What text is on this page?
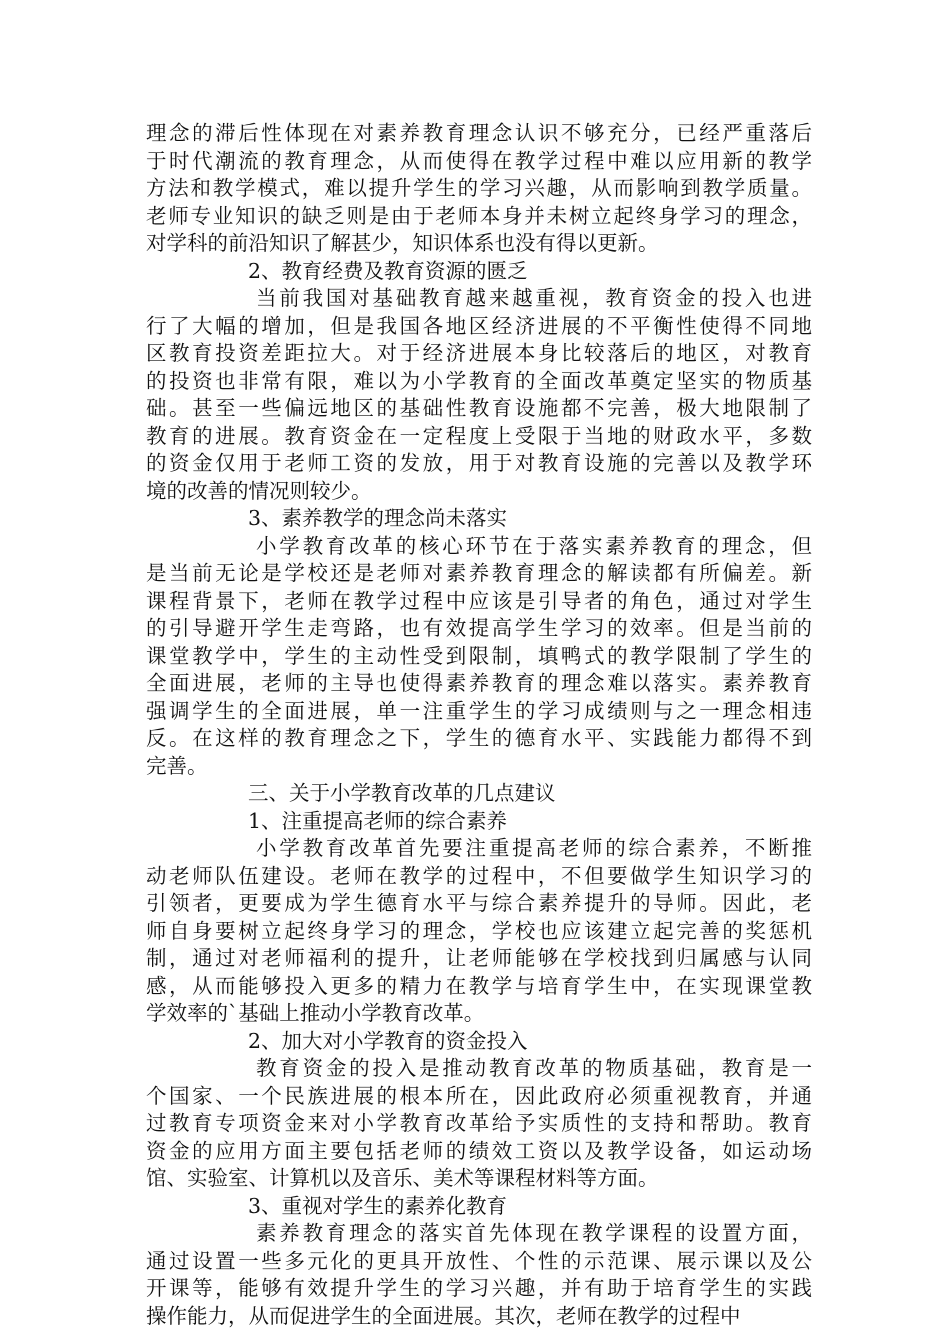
理念的滞后性体现在对素养教育理念认识不够充分，已经严重落后
于时代潮流的教育理念，从而使得在教学过程中难以应用新的教学
方法和教学模式，难以提升学生的学习兴趣，从而影响到教学质量。
老师专业知识的缺乏则是由于老师本身并未树立起终身学习的理念，
对学科的前沿知识了解甚少，知识体系也没有得以更新。
2、教育经费及教育资源的匮乏
当前我国对基础教育越来越重视，教育资金的投入也进
行了大幅的增加，但是我国各地区经济进展的不平衡性使得不同地
区教育投资差距拉大。对于经济进展本身比较落后的地区，对教育
的投资也非常有限，难以为小学教育的全面改革奠定坚实的物质基
础。甚至一些偏远地区的基础性教育设施都不完善，极大地限制了
教育的进展。教育资金在一定程度上受限于当地的财政水平，多数
的资金仅用于老师工资的发放，用于对教育设施的完善以及教学环
境的改善的情况则较少。
3、素养教学的理念尚未落实
小学教育改革的核心环节在于落实素养教育的理念，但
是当前无论是学校还是老师对素养教育理念的解读都有所偏差。新
课程背景下，老师在教学过程中应该是引导者的角色，通过对学生
的引导避开学生走弯路，也有效提高学生学习的效率。但是当前的
课堂教学中，学生的主动性受到限制，填鸭式的教学限制了学生的
全面进展，老师的主导也使得素养教育的理念难以落实。素养教育
强调学生的全面进展，单一注重学生的学习成绩则与之一理念相违
反。在这样的教育理念之下，学生的德育水平、实践能力都得不到
完善。
三、关于小学教育改革的几点建议
1、注重提高老师的综合素养
小学教育改革首先要注重提高老师的综合素养，不断推
动老师队伍建设。老师在教学的过程中，不但要做学生知识学习的
引领者，更要成为学生德育水平与综合素养提升的导师。因此，老
师自身要树立起终身学习的理念，学校也应该建立起完善的奖惩机
制，通过对老师福利的提升，让老师能够在学校找到归属感与认同
感，从而能够投入更多的精力在教学与培育学生中，在实现课堂教
学效率的`基础上推动小学教育改革。
2、加大对小学教育的资金投入
教育资金的投入是推动教育改革的物质基础，教育是一
个国家、一个民族进展的根本所在，因此政府必须重视教育，并通
过教育专项资金来对小学教育改革给予实质性的支持和帮助。教育
资金的应用方面主要包括老师的绩效工资以及教学设备，如运动场
馆、实验室、计算机以及音乐、美术等课程材料等方面。
3、重视对学生的素养化教育
素养教育理念的落实首先体现在教学课程的设置方面，
通过设置一些多元化的更具开放性、个性的示范课、展示课以及公
开课等，能够有效提升学生的学习兴趣，并有助于培育学生的实践
操作能力，从而促进学生的全面进展。其次，老师在教学的过程中
